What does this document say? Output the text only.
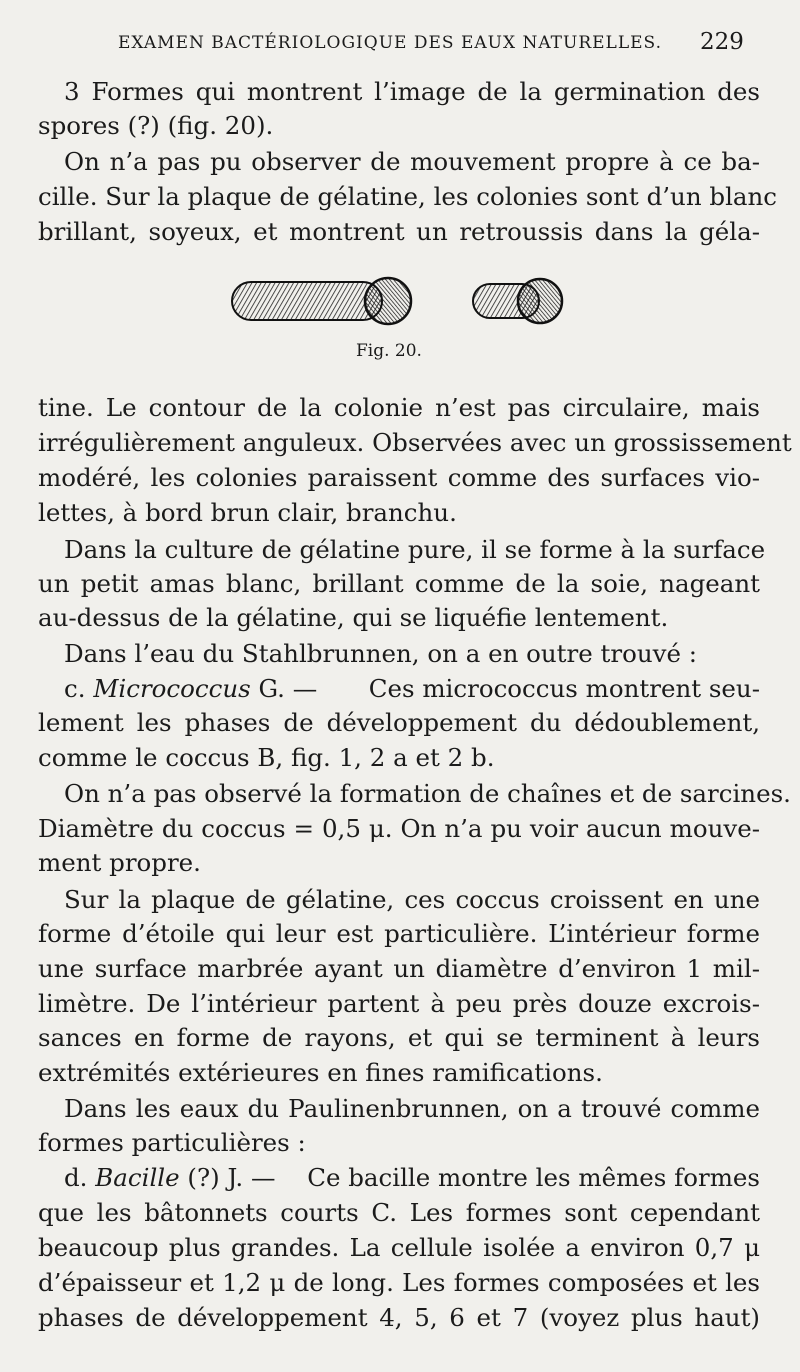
EXAMEN BACTÉRIOLOGIQUE DES EAUX NATURELLES. 229
3 Formes qui montrent l’image de la germination des
spores (?) (fig. 20).
On n’a pas pu observer de mouvement propre à ce ba-
cille. Sur la plaque de gélatine, les colonies sont d’un blanc
brillant, soyeux, et montrent un retroussis dans la géla-
tine. Le contour de la colonie n’est pas circulaire, mais
irrégulièrement anguleux. Observées avec un grossissement
modéré, les colonies paraissent comme des surfaces vio-
lettes, à bord brun clair, branchu.
Dans la culture de gélatine pure, il se forme à la surface
un petit amas blanc, brillant comme de la soie, nageant
au-dessus de la gélatine, qui se liquéfie lentement.
Dans l’eau du Stahlbrunnen, on a en outre trouvé :
c. Micrococcus G. — Ces micrococcus montrent seu-
lement les phases de développement du dédoublement,
comme le coccus B, fig. 1, 2 a et 2 b.
On n’a pas observé la formation de chaînes et de sarcines.
Diamètre du coccus = 0,5 μ. On n’a pu voir aucun mouve-
ment propre.
Sur la plaque de gélatine, ces coccus croissent en une
forme d’étoile qui leur est particulière. L’intérieur forme
une surface marbrée ayant un diamètre d’environ 1 mil-
limètre. De l’intérieur partent à peu près douze excrois-
sances en forme de rayons, et qui se terminent à leurs
extrémités extérieures en fines ramifications.
Dans les eaux du Paulinenbrunnen, on a trouvé comme
formes particulières :
d. Bacille (?) J. — Ce bacille montre les mêmes formes
que les bâtonnets courts C. Les formes sont cependant
beaucoup plus grandes. La cellule isolée a environ 0,7 μ
d’épaisseur et 1,2 μ de long. Les formes composées et les
phases de développement 4, 5, 6 et 7 (voyez plus haut)
Fig. 20.
